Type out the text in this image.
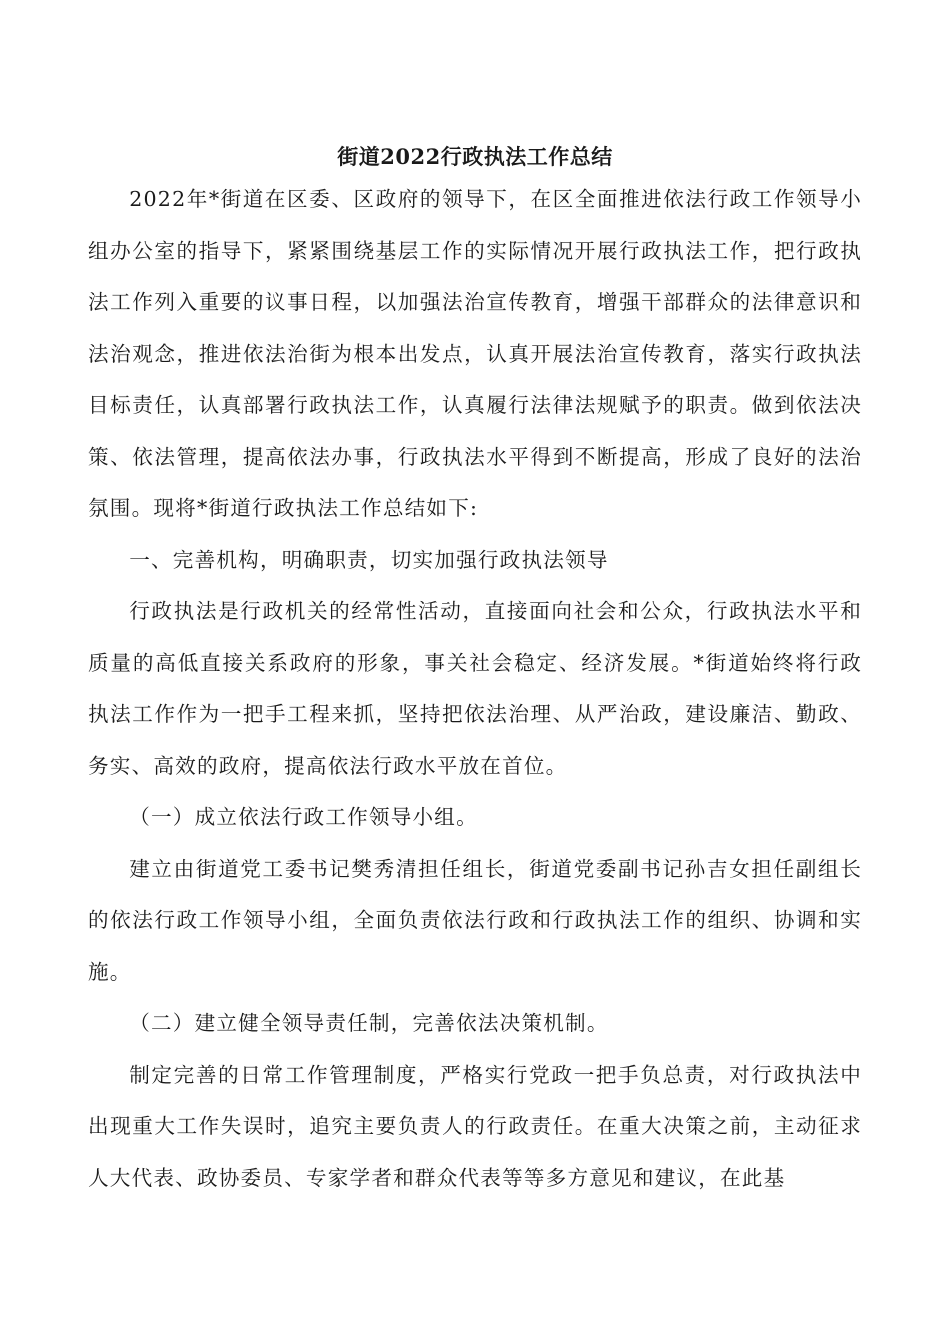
街道2022行政执法工作总结

2022年*街道在区委、区政府的领导下，在区全面推进依法行政工作领导小组办公室的指导下，紧紧围绕基层工作的实际情况开展行政执法工作，把行政执法工作列入重要的议事日程，以加强法治宣传教育，增强干部群众的法律意识和法治观念，推进依法治街为根本出发点，认真开展法治宣传教育，落实行政执法目标责任，认真部署行政执法工作，认真履行法律法规赋予的职责。做到依法决策、依法管理，提高依法办事，行政执法水平得到不断提高，形成了良好的法治氛围。现将*街道行政执法工作总结如下:

一、完善机构，明确职责，切实加强行政执法领导

行政执法是行政机关的经常性活动，直接面向社会和公众，行政执法水平和质量的高低直接关系政府的形象，事关社会稳定、经济发展。*街道始终将行政执法工作作为一把手工程来抓，坚持把依法治理、从严治政，建设廉洁、勤政、务实、高效的政府，提高依法行政水平放在首位。

（一）成立依法行政工作领导小组。

建立由街道党工委书记樊秀清担任组长，街道党委副书记孙吉女担任副组长的依法行政工作领导小组，全面负责依法行政和行政执法工作的组织、协调和实施。

（二）建立健全领导责任制，完善依法决策机制。

制定完善的日常工作管理制度，严格实行党政一把手负总责，对行政执法中出现重大工作失误时，追究主要负责人的行政责任。在重大决策之前，主动征求人大代表、政协委员、专家学者和群众代表等等多方意见和建议，在此基
